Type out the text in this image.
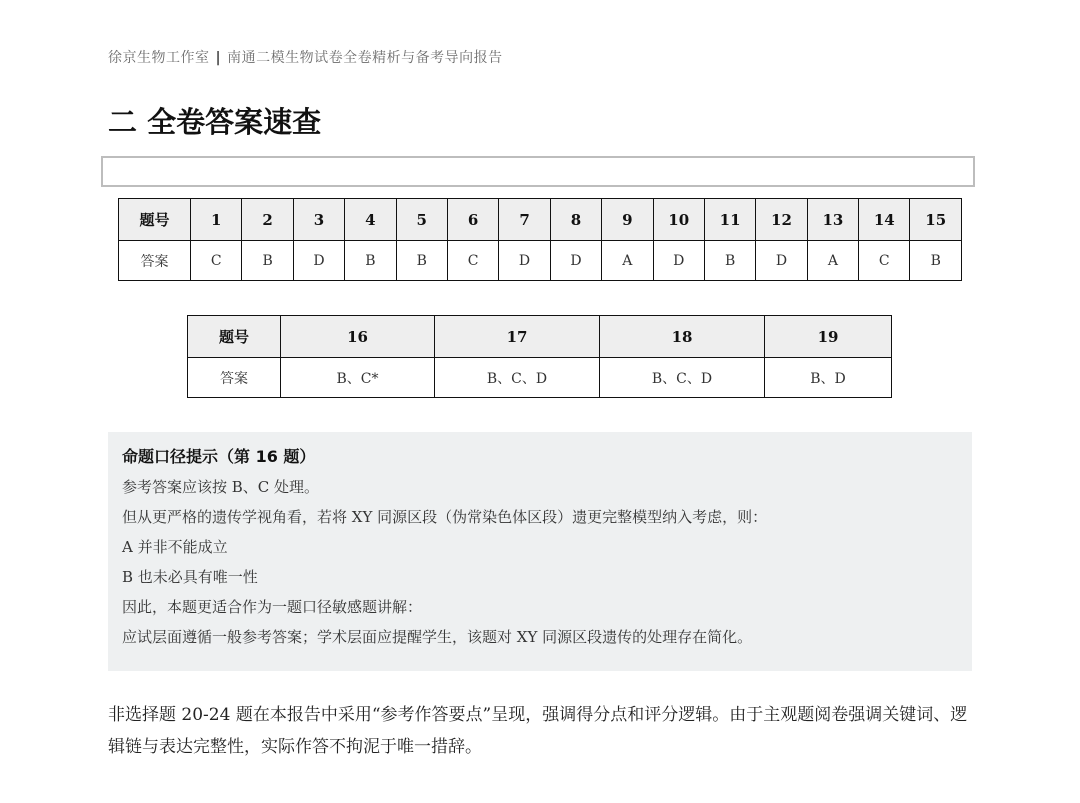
徐京生物工作室 | 南通二模生物试卷全卷精析与备考导向报告
二 全卷答案速查
题号	1	2	3	4	5	6	7	8	9	10	11	12	13	14	15
答案	C	B	D	B	B	C	D	D	A	D	B	D	A	C	B
题号	16	17	18	19
答案	B、C*	B、C、D	B、C、D	B、D
命题口径提示（第 16 题）
参考答案应该按 B、C 处理。
但从更严格的遗传学视角看，若将 XY 同源区段（伪常染色体区段）遗更完整模型纳入考虑，则：
A 并非不能成立
B 也未必具有唯一性
因此，本题更适合作为一题口径敏感题讲解：
应试层面遵循一般参考答案；学术层面应提醒学生，该题对 XY 同源区段遗传的处理存在简化。
非选择题 20-24 题在本报告中采用“参考作答要点”呈现，强调得分点和评分逻辑。由于主观题阅卷强调关键词、逻辑链与表达完整性，实际作答不拘泥于唯一措辞。
